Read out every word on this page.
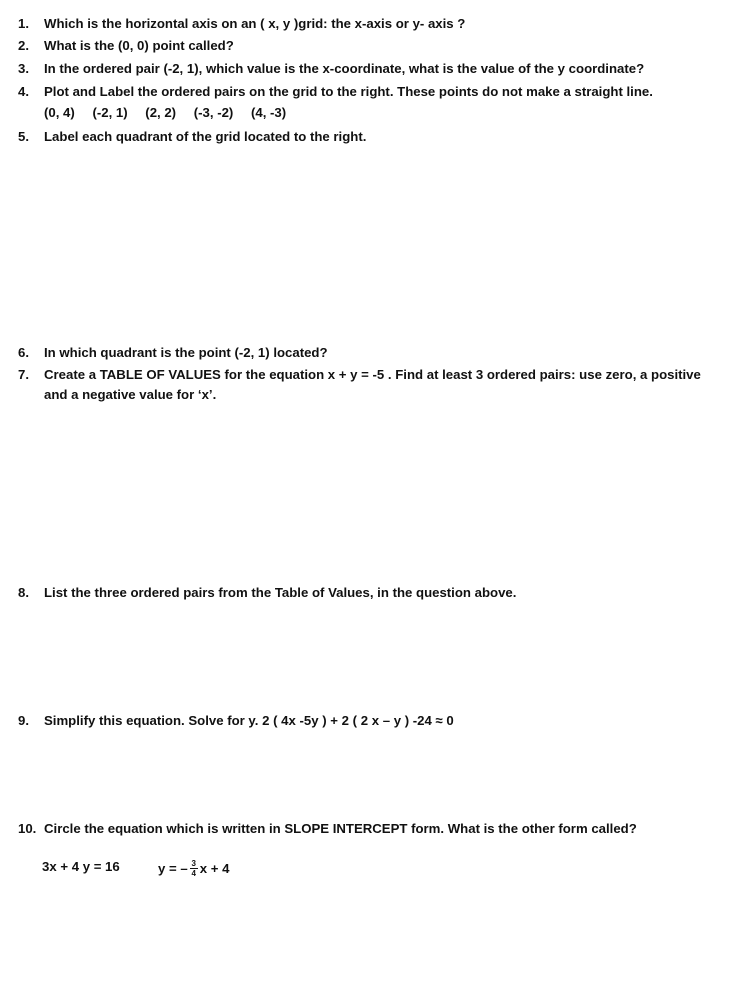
1. Which is the horizontal axis on an ( x, y )grid: the x-axis or y- axis ?
2. What is the (0, 0) point called?
3. In the ordered pair (-2, 1), which value is the x-coordinate, what is the value of the y coordinate?
4. Plot and Label the ordered pairs on the grid to the right. These points do not make a straight line.
(0, 4) (-2, 1) (2, 2) (-3, -2) (4, -3)
5. Label each quadrant of the grid located to the right.
6. In which quadrant is the point (-2, 1) located?
7. Create a TABLE OF VALUES for the equation x + y = -5 . Find at least 3 ordered pairs: use zero, a positive
and a negative value for ‘x’.
8. List the three ordered pairs from the Table of Values, in the question above.
9. Simplify this equation. Solve for y. 2 ( 4x -5y ) + 2 ( 2 x – y ) -24 ≈ 0
10. Circle the equation which is written in SLOPE INTERCEPT form. What is the other form called?
3x + 4 y = 16	y = – $\frac{3}{4}$ x + 4
